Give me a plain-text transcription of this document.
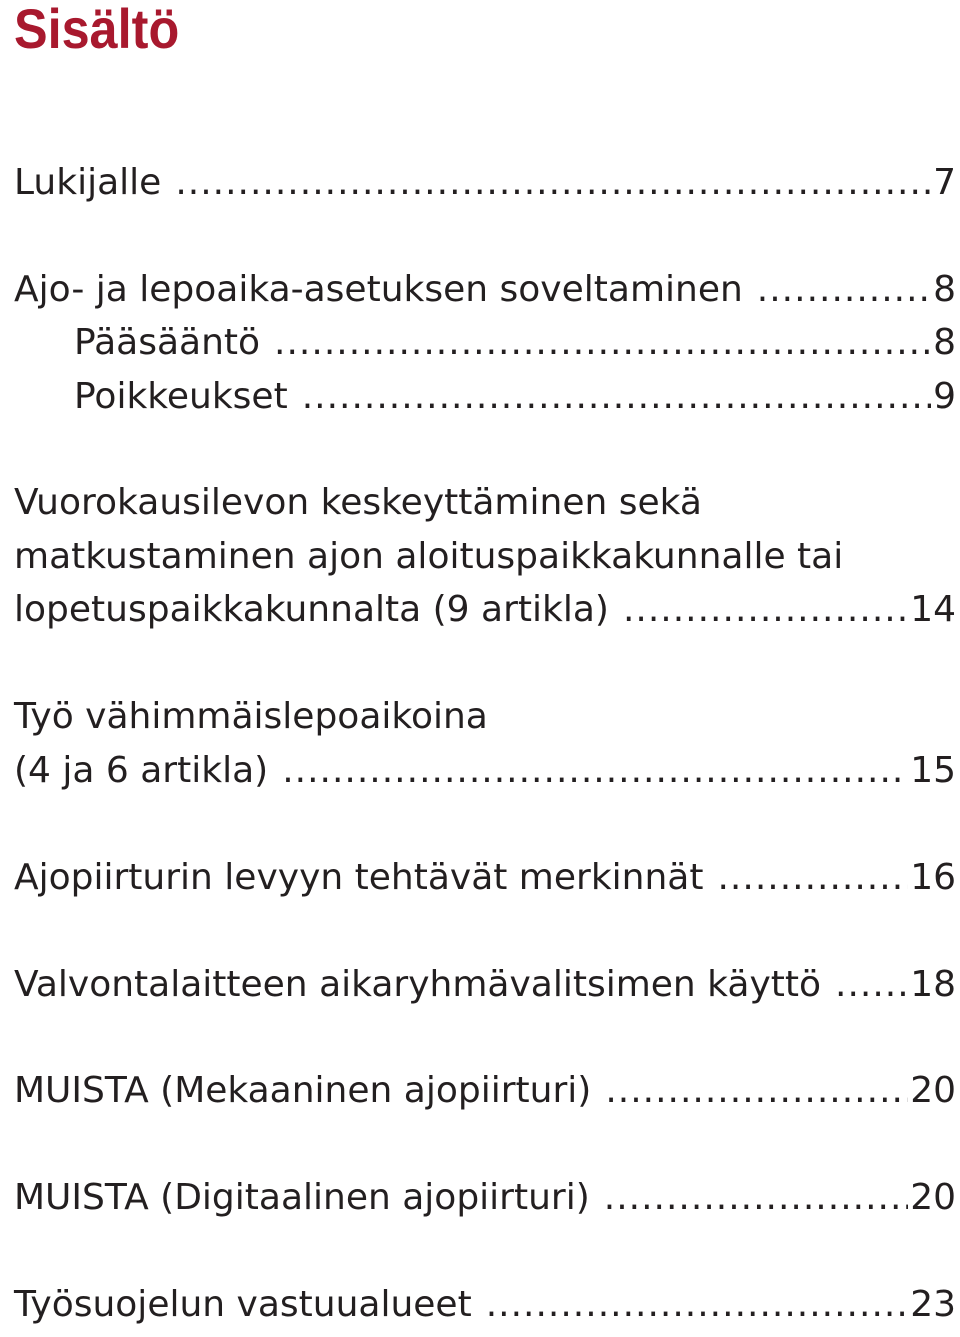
Sisältö
Lukijalle .....	7
Ajo- ja lepoaika-asetuksen soveltaminen .....	8
Pääsääntö .....	8
Poikkeukset .....	9
Vuorokausilevon keskeyttäminen sekä
matkustaminen ajon aloituspaikkakunnalle tai
lopetuspaikkakunnalta (9 artikla) .....	14
Työ vähimmäislepoaikoina
(4 ja 6 artikla) .....	15
Ajopiirturin levyyn tehtävät merkinnät .....	16
Valvontalaitteen aikaryhmävalitsimen käyttö ..... 18
MUISTA (Mekaaninen ajopiirturi) .....	20
MUISTA (Digitaalinen ajopiirturi) .....	20
Työsuojelun vastuualueet .....	23
